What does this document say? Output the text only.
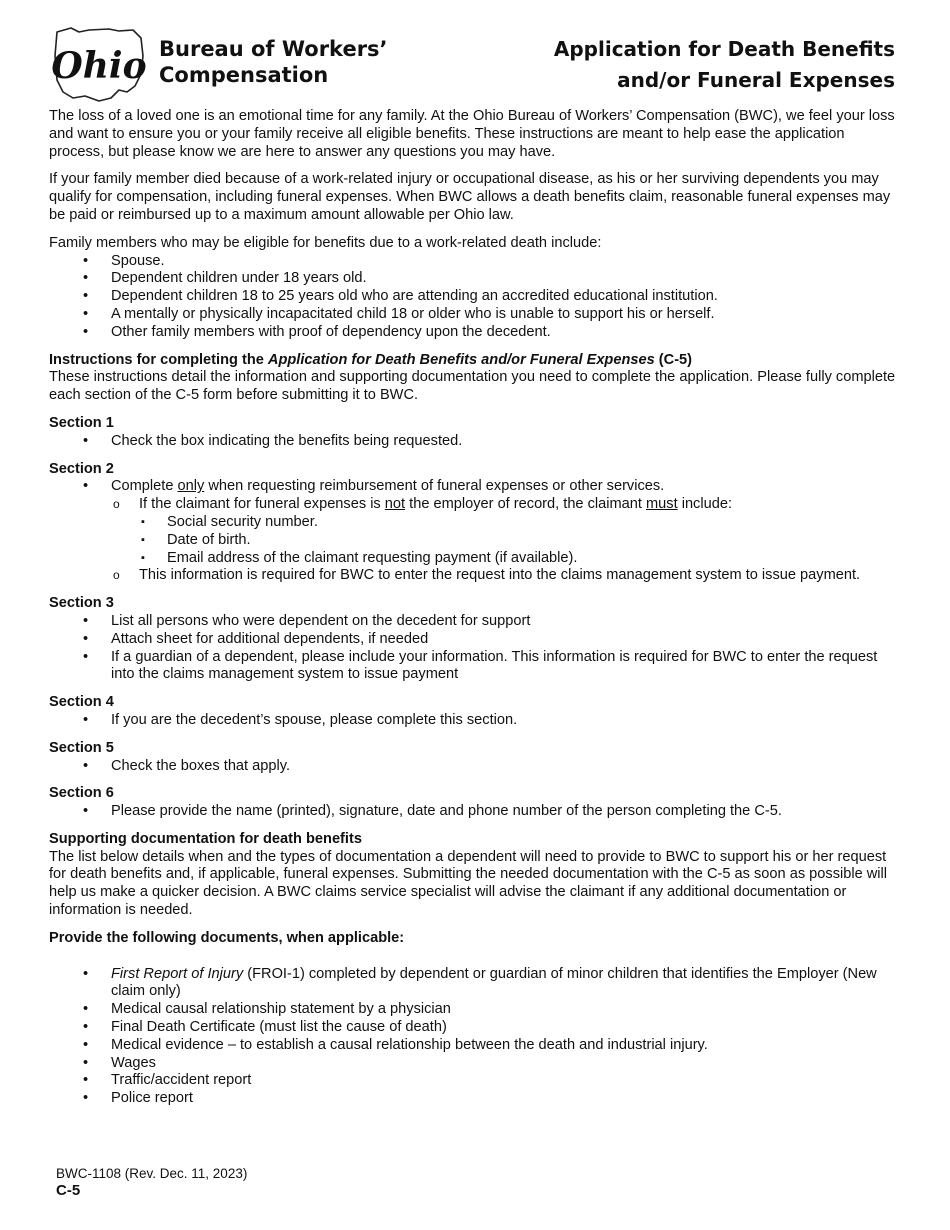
Ohio Bureau of Workers’
Compensation
Application for Death Benefits
and/or Funeral Expenses

The loss of a loved one is an emotional time for any family. At the Ohio Bureau of Workers’ Compensation (BWC), we feel your loss and want to ensure you or your family receive all eligible benefits. These instructions are meant to help ease the application process, but please know we are here to answer any questions you may have.

If your family member died because of a work-related injury or occupational disease, as his or her surviving dependents you may qualify for compensation, including funeral expenses. When BWC allows a death benefits claim, reasonable funeral expenses may be paid or reimbursed up to a maximum amount allowable per Ohio law.

Family members who may be eligible for benefits due to a work-related death include:

• Spouse.
• Dependent children under 18 years old.
• Dependent children 18 to 25 years old who are attending an accredited educational institution.
• A mentally or physically incapacitated child 18 or older who is unable to support his or herself.
• Other family members with proof of dependency upon the decedent.
Instructions for completing the Application for Death Benefits and/or Funeral Expenses (C-5)

These instructions detail the information and supporting documentation you need to complete the application. Please fully complete each section of the C-5 form before submitting it to BWC.

Section 1
• Check the box indicating the benefits being requested.
Section 2
• Complete only when requesting reimbursement of funeral expenses or other services.
o If the claimant for funeral expenses is not the employer of record, the claimant must include:
▪ Social security number.
▪ Date of birth.
▪ Email address of the claimant requesting payment (if available).
o This information is required for BWC to enter the request into the claims management system to issue payment.
Section 3
• List all persons who were dependent on the decedent for support
• Attach sheet for additional dependents, if needed
• If a guardian of a dependent, please include your information. This information is required for BWC to enter the request into the claims management system to issue payment
Section 4
• If you are the decedent’s spouse, please complete this section.
Section 5
• Check the boxes that apply.
Section 6
• Please provide the name (printed), signature, date and phone number of the person completing the C-5.
Supporting documentation for death benefits

The list below details when and the types of documentation a dependent will need to provide to BWC to support his or her request for death benefits and, if applicable, funeral expenses. Submitting the needed documentation with the C-5 as soon as possible will help us make a quicker decision. A BWC claims service specialist will advise the claimant if any additional documentation or information is needed.

Provide the following documents, when applicable:

• First Report of Injury (FROI-1) completed by dependent or guardian of minor children that identifies the Employer (New claim only)
• Medical causal relationship statement by a physician
• Final Death Certificate (must list the cause of death)
• Medical evidence – to establish a causal relationship between the death and industrial injury.
• Wages
• Traffic/accident report
• Police report
BWC-1108 (Rev. Dec. 11, 2023)
C-5
